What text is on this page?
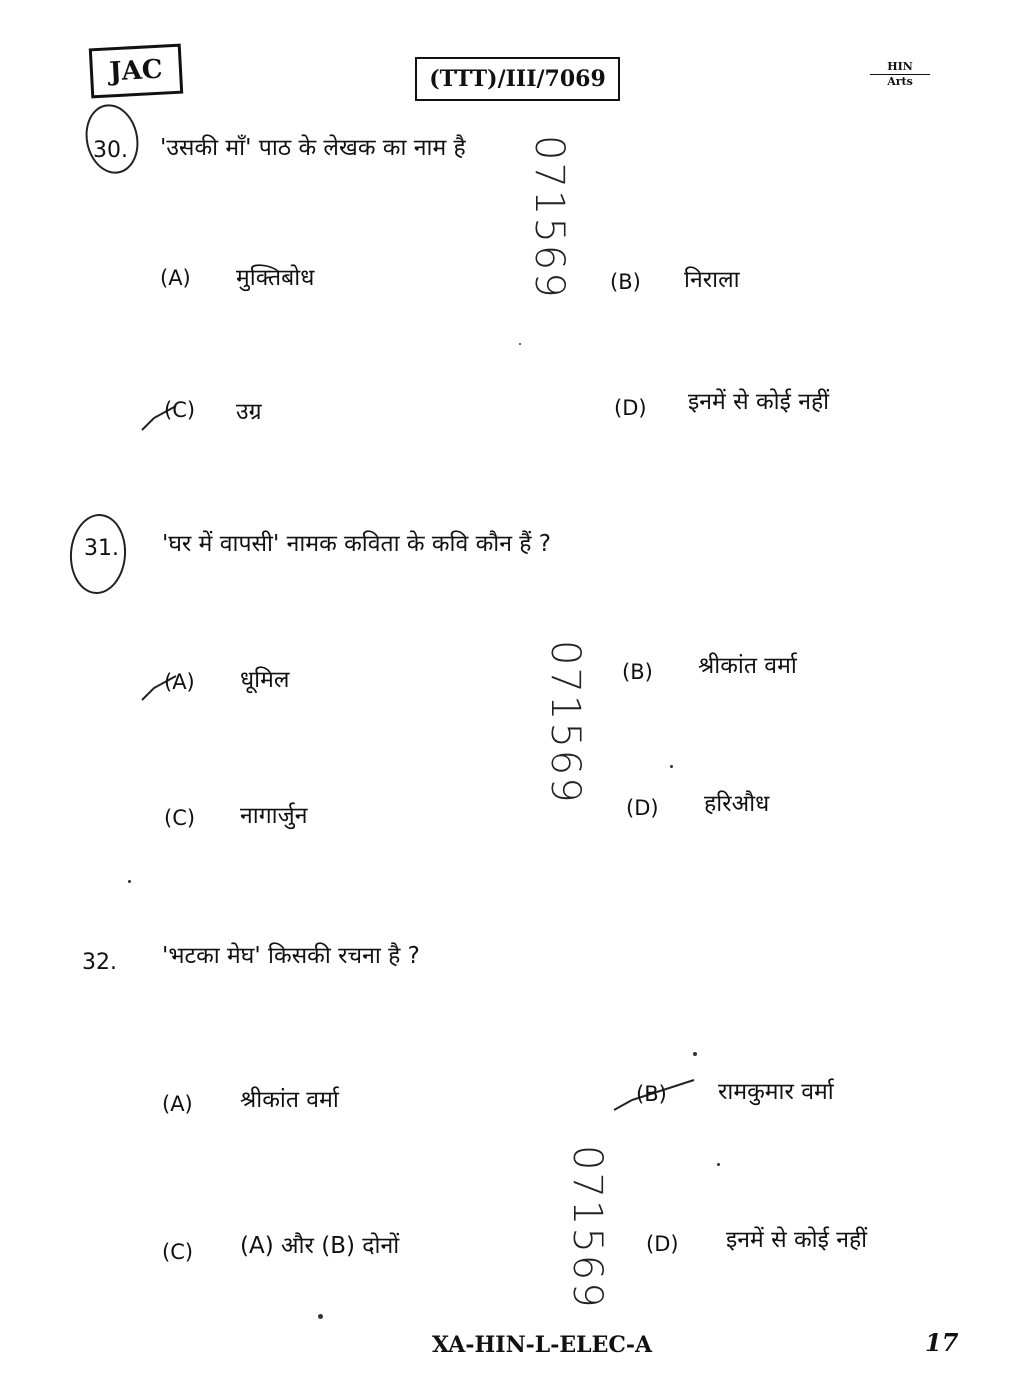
JAC	(TTT)/III/7069	HIN
Arts
30. 'उसकी माँ' पाठ के लेखक का नाम है 071569
(A) मुक्तिबोध	(B) निराला
(C) उग्र	(D) इनमें से कोई नहीं
31. 'घर में वापसी' नामक कविता के कवि कौन हैं ?
071569
(A) धूमिल	(B) श्रीकांत वर्मा
(C) नागार्जुन	(D) हरिऔध
32. 'भटका मेघ' किसकी रचना है ?
(A) श्रीकांत वर्मा	(B) रामकुमार वर्मा
071569
(C) (A) और (B) दोनों	(D) इनमें से कोई नहीं
XA-HIN-L-ELEC-A	17
